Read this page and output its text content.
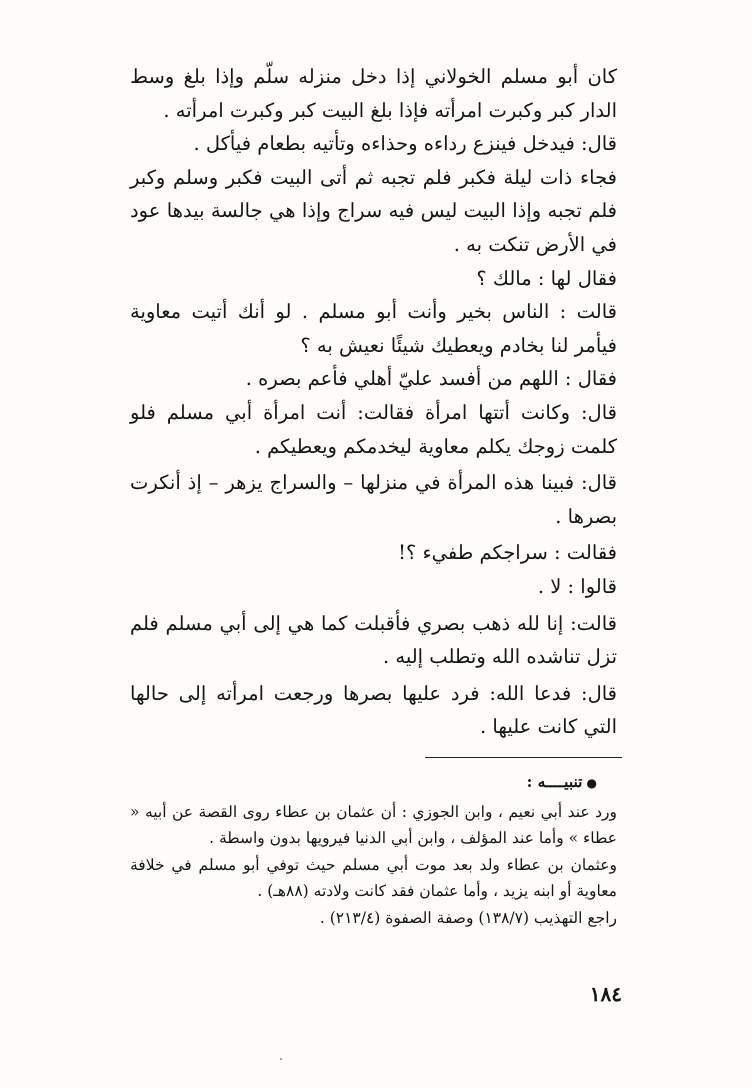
كان أبو مسلم الخولاني إذا دخل منزله سلّم وإذا بلغ وسط الدار كبر وكبرت امرأته فإذا بلغ البيت كبر وكبرت امرأته .

قال: فيدخل فينزع رداءه وحذاءه وتأتيه بطعام فيأكل .

فجاء ذات ليلة فكبر فلم تجبه ثم أتى البيت فكبر وسلم وكبر فلم تجبه وإذا البيت ليس فيه سراج وإذا هي جالسة بيدها عود في الأرض تنكت به .

فقال لها : مالك ؟

قالت : الناس بخير وأنت أبو مسلم . لو أنك أتيت معاوية فيأمر لنا بخادم ويعطيك شيئًا نعيش به ؟

فقال : اللهم من أفسد عليّ أهلي فأعم بصره .

قال: وكانت أتتها امرأة فقالت: أنت امرأة أبي مسلم فلو كلمت زوجك يكلم معاوية ليخدمكم ويعطيكم .

قال: فبينا هذه المرأة في منزلها – والسراج يزهر – إذ أنكرت بصرها .

فقالت : سراجكم طفيء ؟!

قالوا : لا .

قالت: إنا لله ذهب بصري فأقبلت كما هي إلى أبي مسلم فلم تزل تناشده الله وتطلب إليه .

قال: فدعا الله: فرد عليها بصرها ورجعت امرأته إلى حالها التي كانت عليها .

●تنبيــــه :

ورد عند أبي نعيم ، وابن الجوزي : أن عثمان بن عطاء روى القصة عن أبيه « عطاء » وأما عند المؤلف ، وابن أبي الدنيا فيرويها بدون واسطة .

وعثمان بن عطاء ولد بعد موت أبي مسلم حيث توفي أبو مسلم في خلافة معاوية أو ابنه يزيد ، وأما عثمان فقد كانت ولادته (٨٨هـ) .

راجع التهذيب (١٣٨/٧) وصفة الصفوة (٢١٣/٤) .

١٨٤
